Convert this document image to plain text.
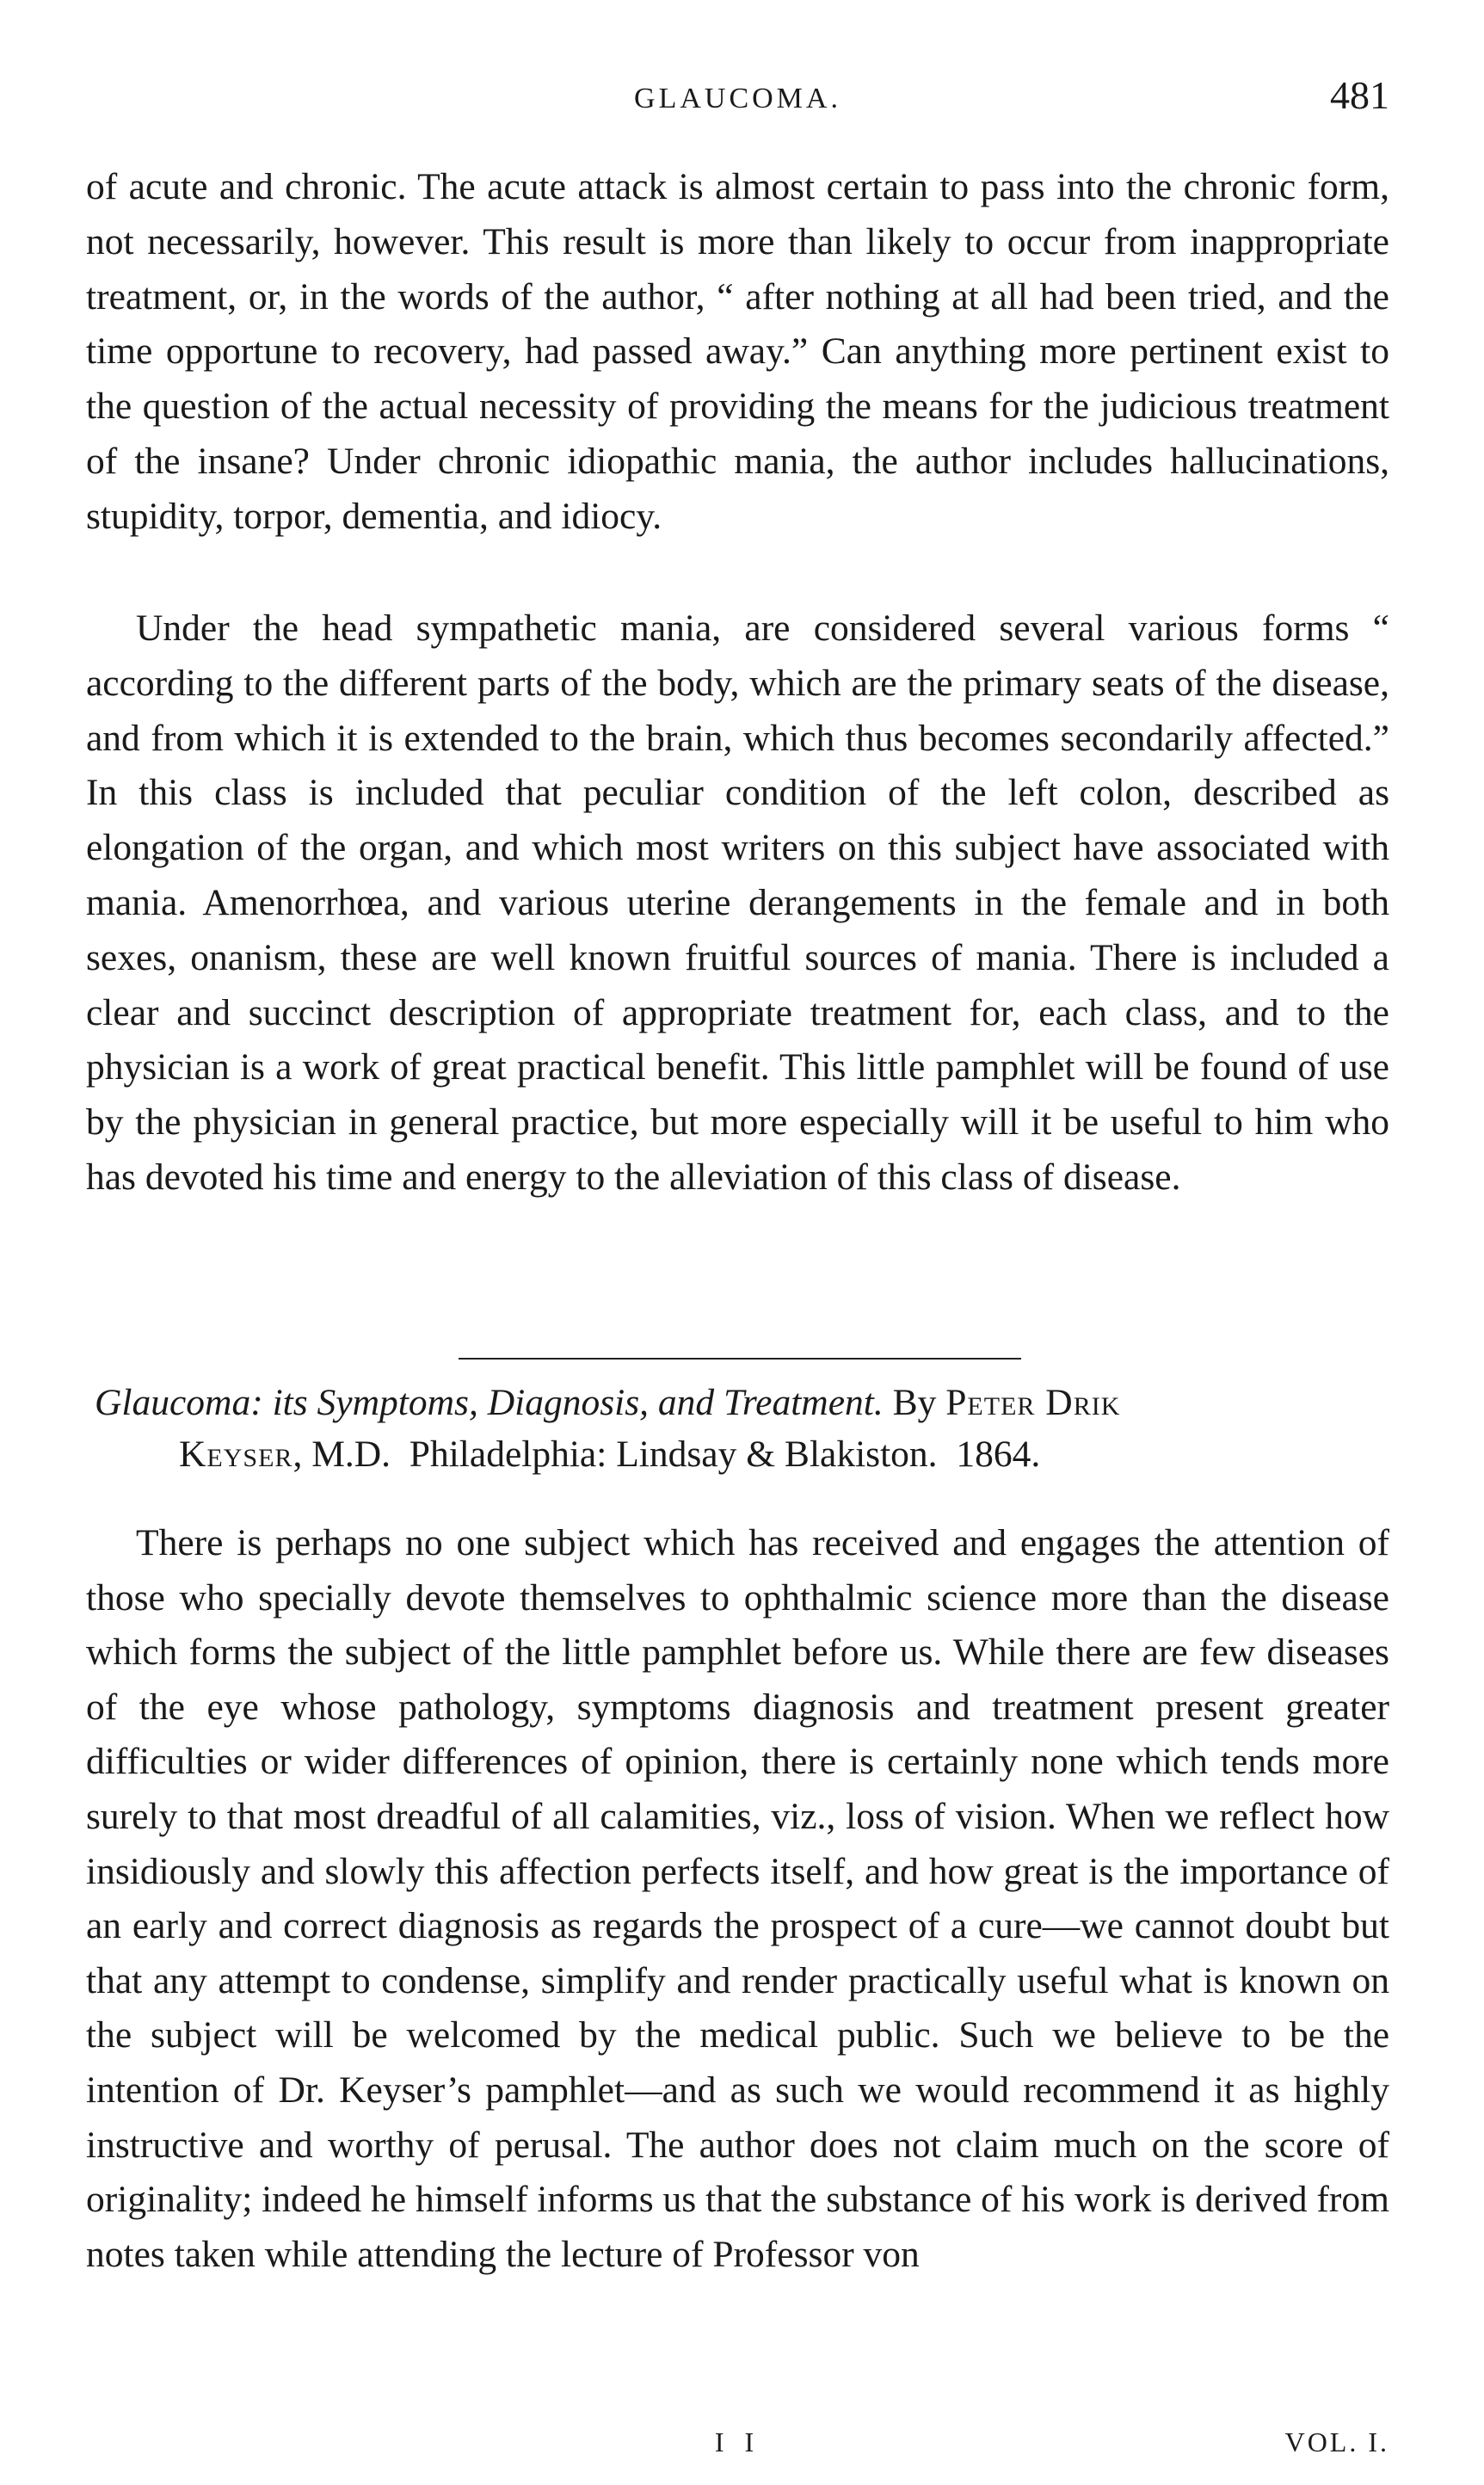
GLAUCOMA.	481

of acute and chronic. The acute attack is almost certain to pass into the chronic form, not necessarily, however. This result is more than likely to occur from inappropriate treatment, or, in the words of the author, “ after nothing at all had been tried, and the time opportune to recovery, had passed away.” Can anything more pertinent exist to the question of the actual necessity of providing the means for the judicious treatment of the insane? Under chronic idiopathic mania, the author includes hallucinations, stupidity, torpor, dementia, and idiocy.

Under the head sympathetic mania, are considered several various forms “ according to the different parts of the body, which are the primary seats of the disease, and from which it is extended to the brain, which thus becomes secondarily affected.” In this class is included that peculiar condition of the left colon, described as elongation of the organ, and which most writers on this subject have associated with mania. Amenorrhœa, and various uterine derangements in the female and in both sexes, onanism, these are well known fruitful sources of mania. There is included a clear and succinct description of appropriate treatment for, each class, and to the physician is a work of great practical benefit. This little pamphlet will be found of use by the physician in general practice, but more especially will it be useful to him who has devoted his time and energy to the alleviation of this class of disease.

Glaucoma: its Symptoms, Diagnosis, and Treatment. By Peter Drik
Keyser, M.D. Philadelphia: Lindsay & Blakiston. 1864.

There is perhaps no one subject which has received and engages the attention of those who specially devote themselves to ophthalmic science more than the disease which forms the subject of the little pamphlet before us. While there are few diseases of the eye whose pathology, symptoms diagnosis and treatment present greater difficulties or wider differences of opinion, there is certainly none which tends more surely to that most dreadful of all calamities, viz., loss of vision. When we reflect how insidiously and slowly this affection perfects itself, and how great is the importance of an early and correct diagnosis as regards the prospect of a cure—we cannot doubt but that any attempt to condense, simplify and render practically useful what is known on the subject will be welcomed by the medical public. Such we believe to be the intention of Dr. Keyser’s pamphlet—and as such we would recommend it as highly instructive and worthy of perusal. The author does not claim much on the score of originality; indeed he himself informs us that the substance of his work is derived from notes taken while attending the lecture of Professor von

I I	VOL. I.
